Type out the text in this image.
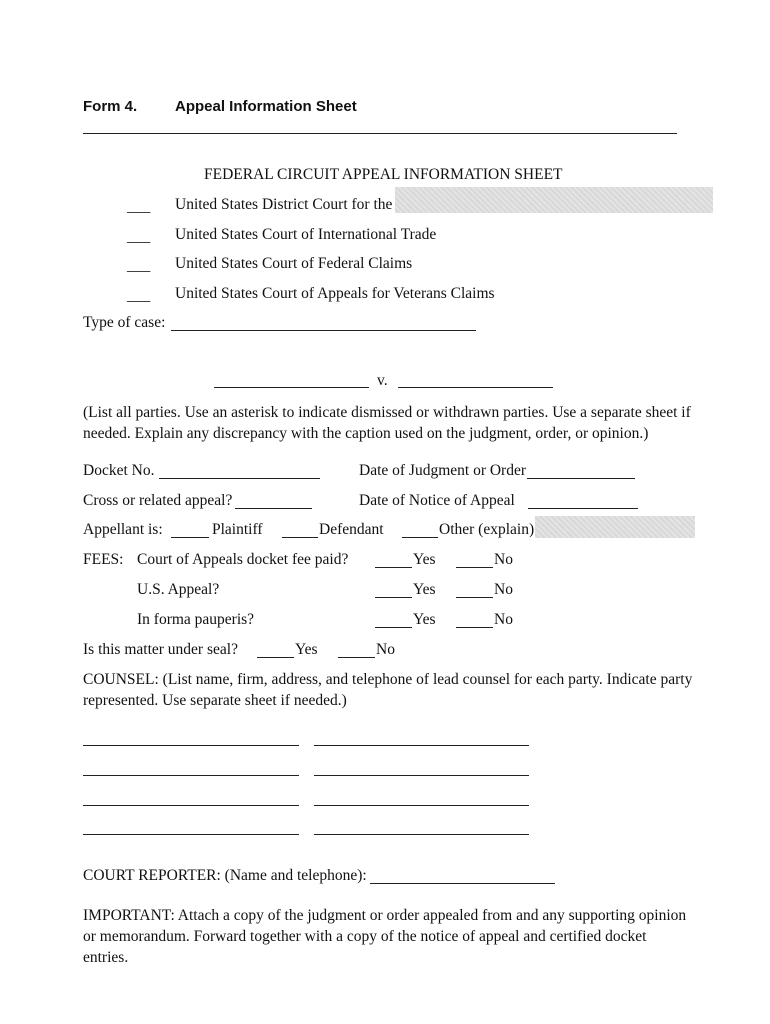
Form 4.	Appeal Information Sheet
FEDERAL CIRCUIT APPEAL INFORMATION SHEET
___ United States District Court for the
___ United States Court of International Trade
___ United States Court of Federal Claims
___ United States Court of Appeals for Veterans Claims
Type of case:
v.
(List all parties. Use an asterisk to indicate dismissed or withdrawn parties. Use a separate sheet if needed. Explain any discrepancy with the caption used on the judgment, order, or opinion.)
Docket No.	Date of Judgment or Order
Cross or related appeal?	Date of Notice of Appeal
Appellant is:	Plaintiff	Defendant	Other (explain)
FEES: Court of Appeals docket fee paid?	Yes	No
U.S. Appeal?	Yes	No
In forma pauperis?	Yes	No
Is this matter under seal?	Yes	No
COUNSEL: (List name, firm, address, and telephone of lead counsel for each party. Indicate party represented. Use separate sheet if needed.)
COURT REPORTER: (Name and telephone):
IMPORTANT: Attach a copy of the judgment or order appealed from and any supporting opinion or memorandum. Forward together with a copy of the notice of appeal and certified docket entries.
